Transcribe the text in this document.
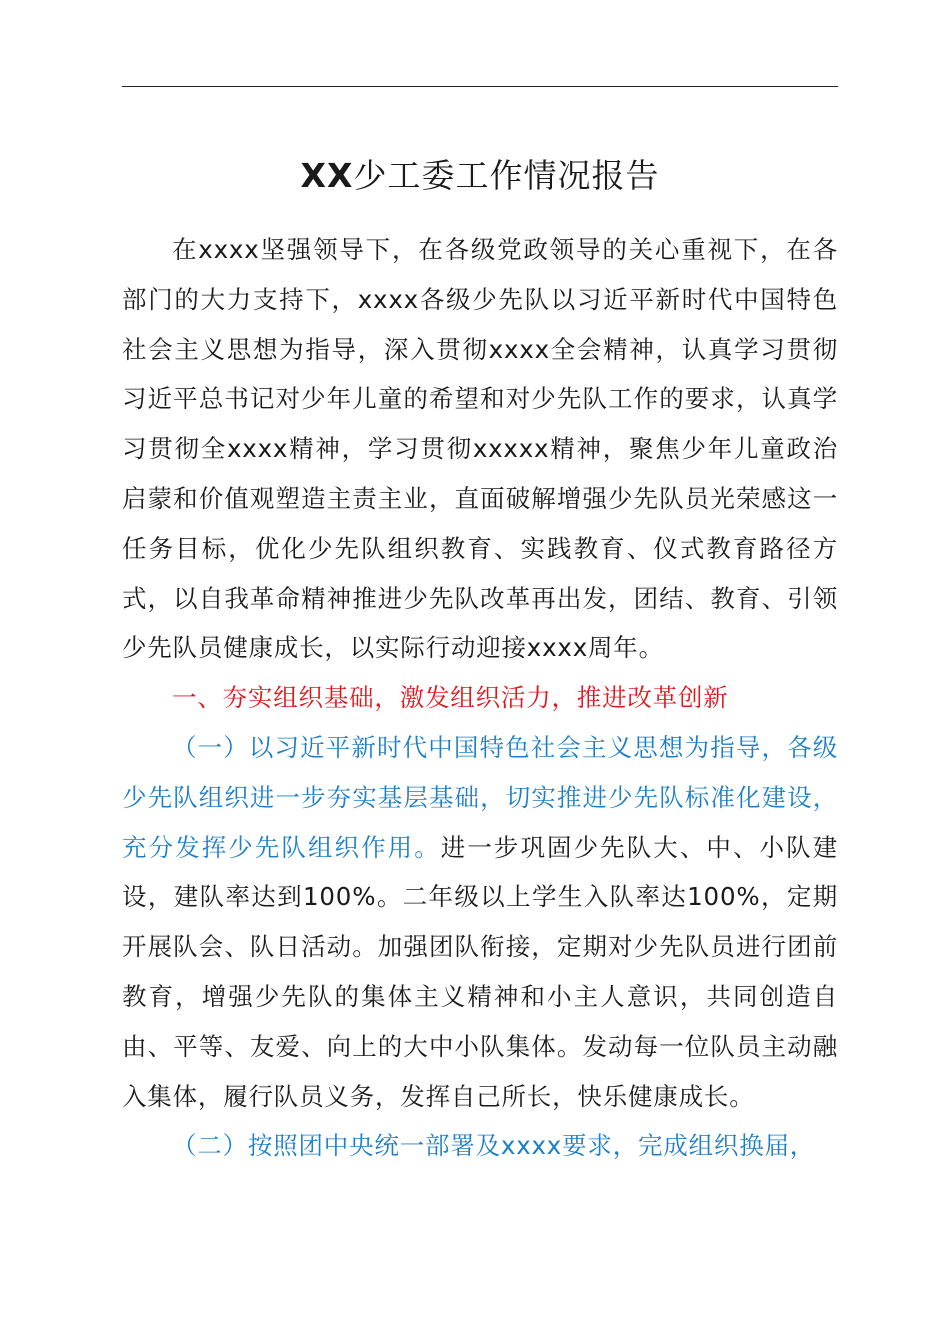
XX少工委工作情况报告

在xxxx坚强领导下，在各级党政领导的关心重视下，在各部门的大力支持下，xxxx各级少先队以习近平新时代中国特色社会主义思想为指导，深入贯彻xxxx全会精神，认真学习贯彻习近平总书记对少年儿童的希望和对少先队工作的要求，认真学习贯彻全xxxx精神，学习贯彻xxxxx精神，聚焦少年儿童政治启蒙和价值观塑造主责主业，直面破解增强少先队员光荣感这一任务目标，优化少先队组织教育、实践教育、仪式教育路径方式，以自我革命精神推进少先队改革再出发，团结、教育、引领少先队员健康成长，以实际行动迎接xxxx周年。

一、夯实组织基础，激发组织活力，推进改革创新

（一）以习近平新时代中国特色社会主义思想为指导，各级少先队组织进一步夯实基层基础，切实推进少先队标准化建设，充分发挥少先队组织作用。进一步巩固少先队大、中、小队建设，建队率达到100%。二年级以上学生入队率达100%，定期开展队会、队日活动。加强团队衔接，定期对少先队员进行团前教育，增强少先队的集体主义精神和小主人意识，共同创造自由、平等、友爱、向上的大中小队集体。发动每一位队员主动融入集体，履行队员义务，发挥自己所长，快乐健康成长。

（二）按照团中央统一部署及xxxx要求，完成组织换届，
